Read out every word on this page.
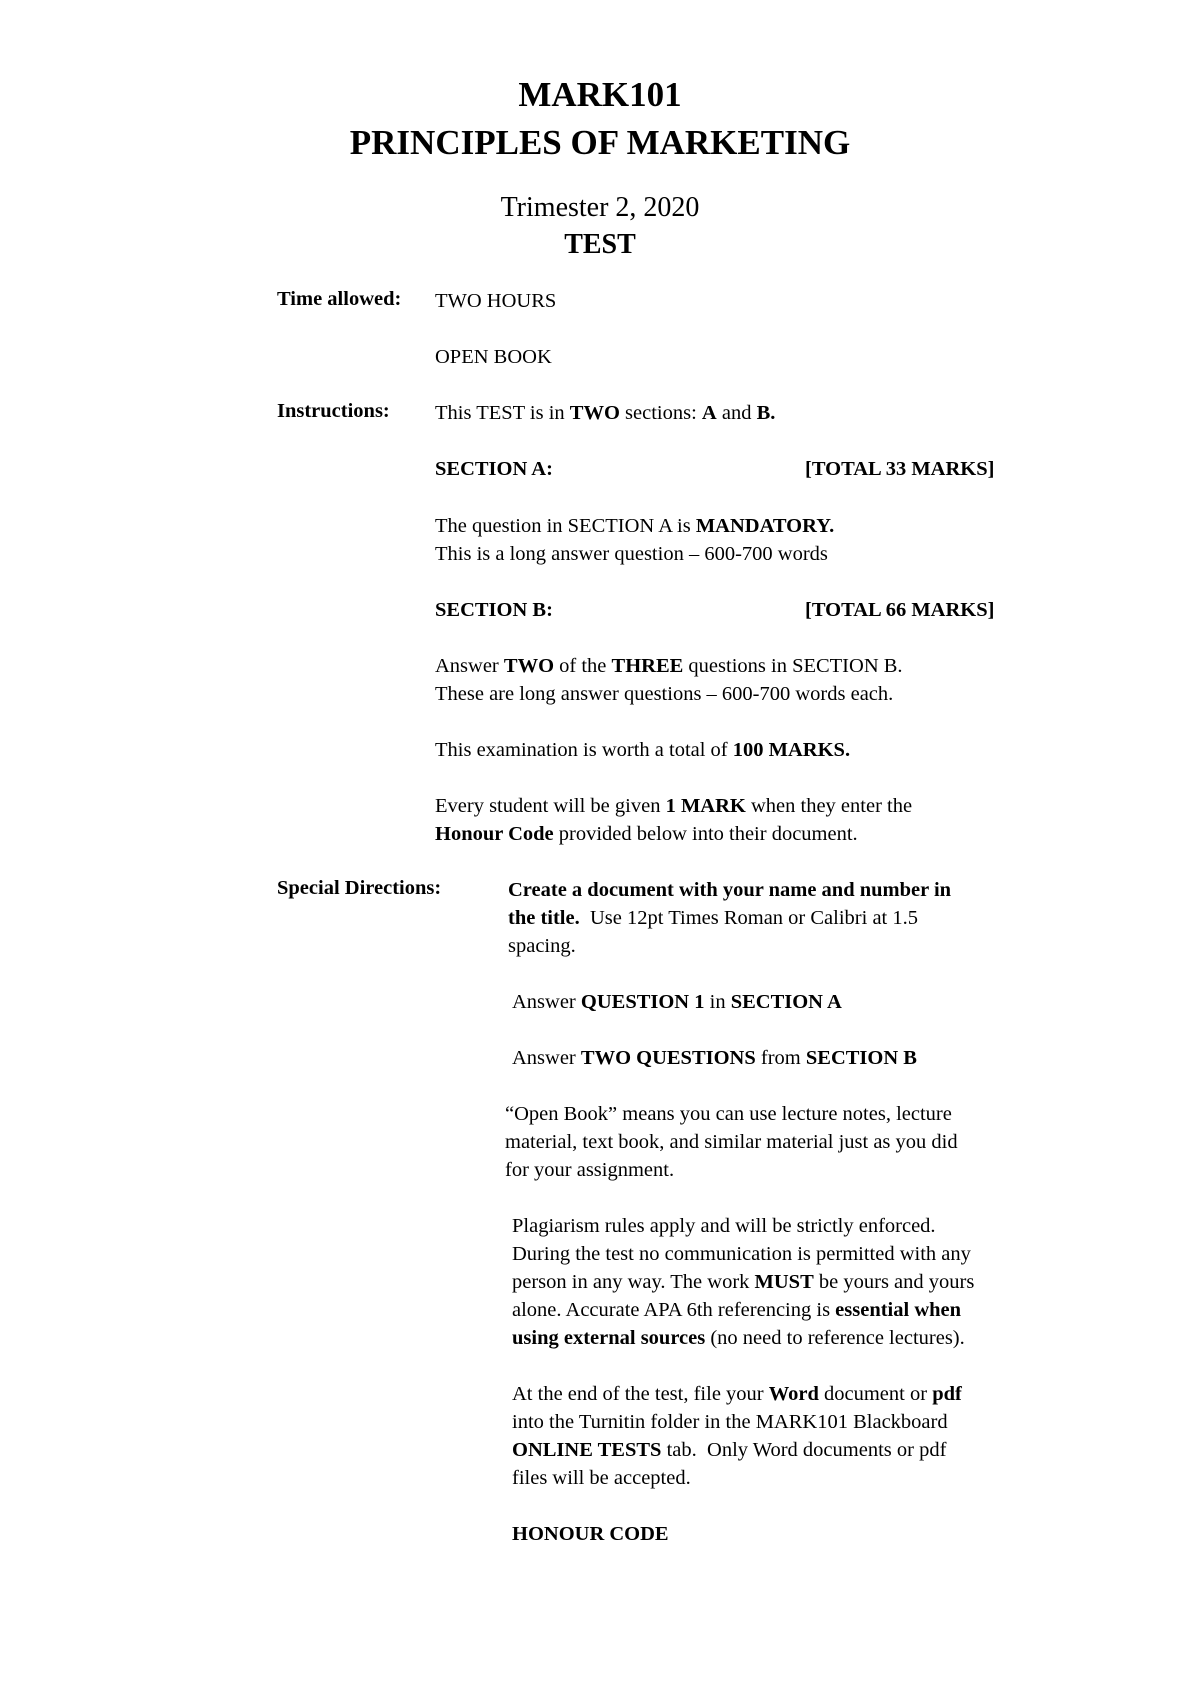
MARK101
PRINCIPLES OF MARKETING
Trimester 2, 2020
TEST
Time allowed: TWO HOURS
OPEN BOOK
Instructions: This TEST is in TWO sections: A and B.
SECTION A:	[TOTAL 33 MARKS]
The question in SECTION A is MANDATORY.
This is a long answer question – 600-700 words
SECTION B:	[TOTAL 66 MARKS]
Answer TWO of the THREE questions in SECTION B.
These are long answer questions – 600-700 words each.
This examination is worth a total of 100 MARKS.
Every student will be given 1 MARK when they enter the
Honour Code provided below into their document.
Special Directions:	Create a document with your name and number in
the title.  Use 12pt Times Roman or Calibri at 1.5
spacing.
Answer QUESTION 1 in SECTION A
Answer TWO QUESTIONS from SECTION B
“Open Book” means you can use lecture notes, lecture
material, text book, and similar material just as you did
for your assignment.
Plagiarism rules apply and will be strictly enforced.
During the test no communication is permitted with any
person in any way. The work MUST be yours and yours
alone. Accurate APA 6th referencing is essential when
using external sources (no need to reference lectures).
At the end of the test, file your Word document or pdf
into the Turnitin folder in the MARK101 Blackboard
ONLINE TESTS tab.  Only Word documents or pdf
files will be accepted.
HONOUR CODE
